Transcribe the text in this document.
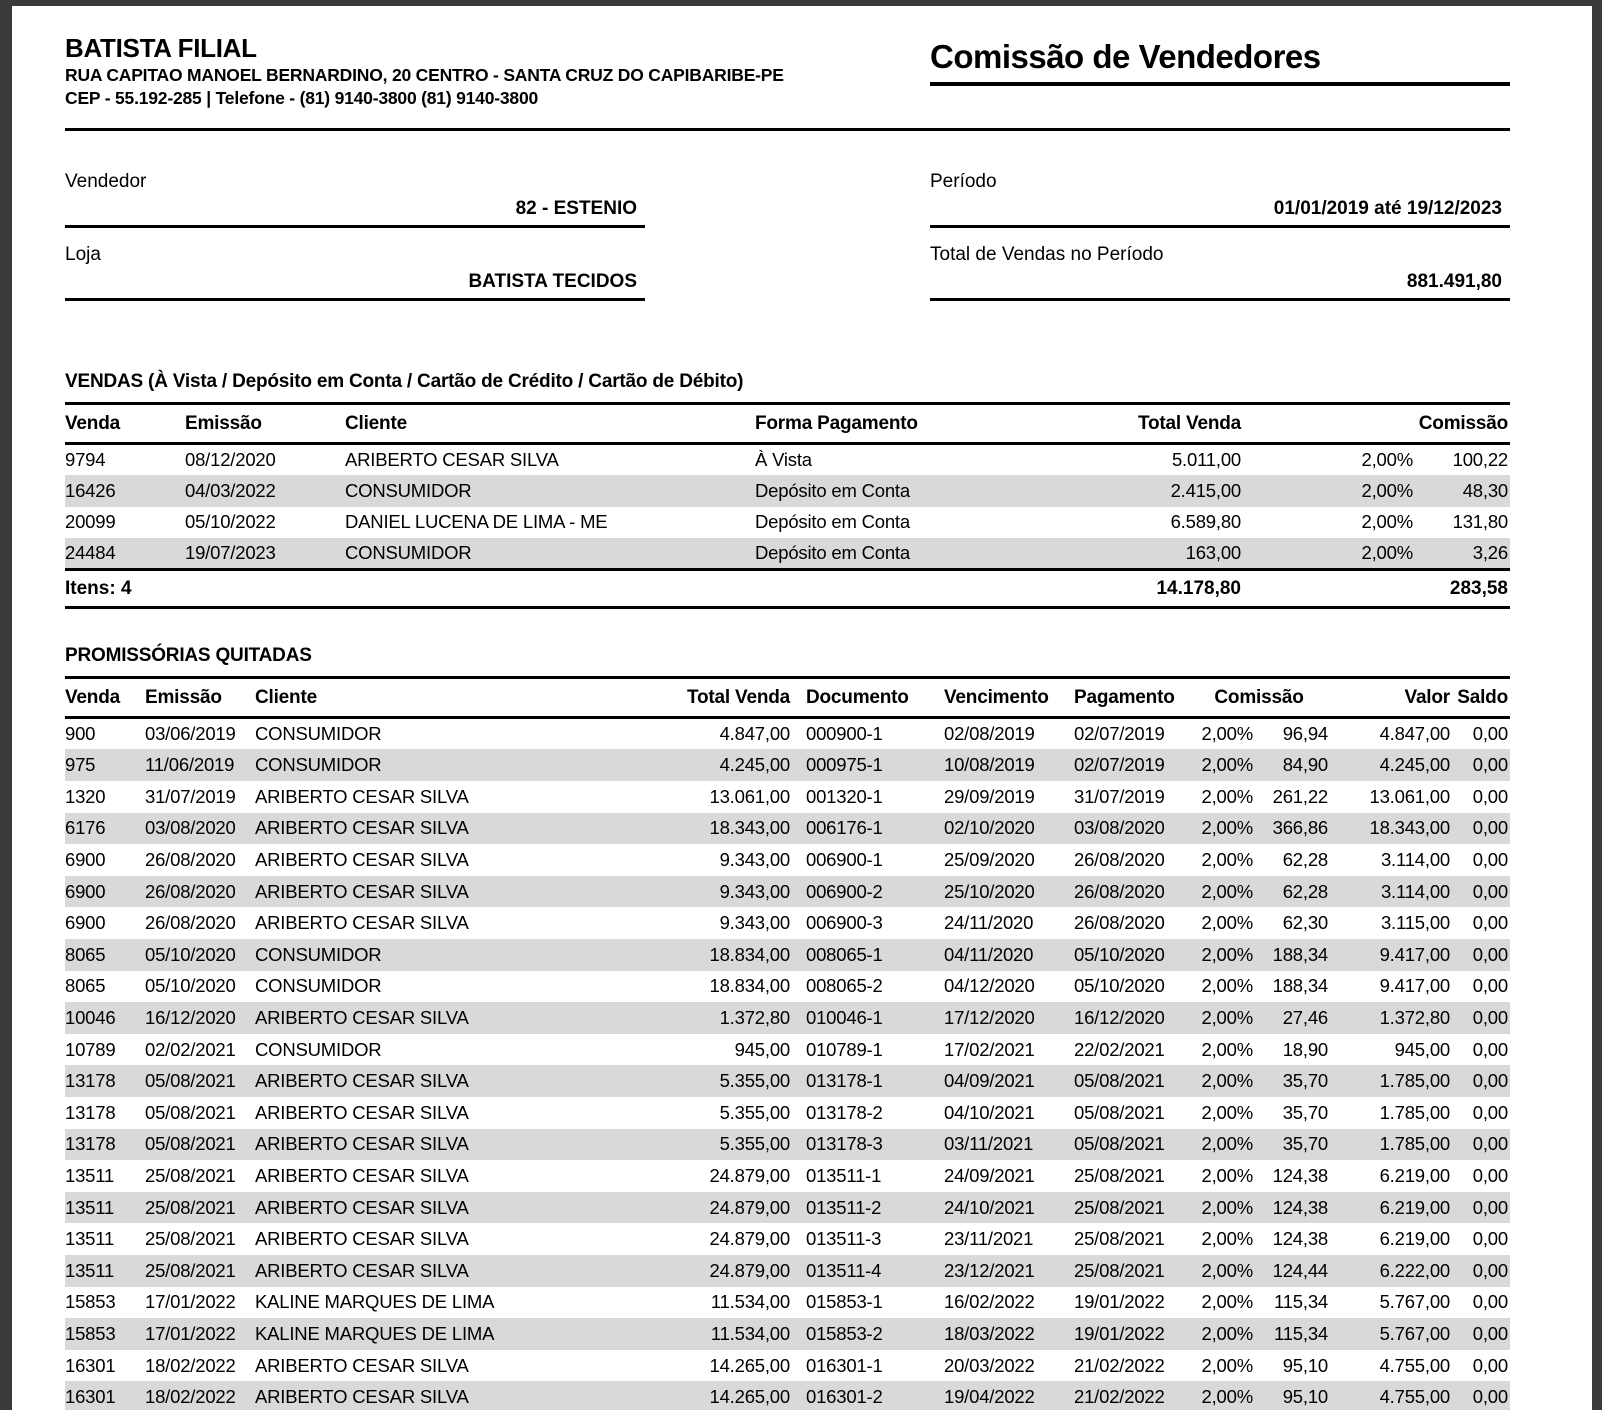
BATISTA FILIAL
RUA CAPITAO MANOEL BERNARDINO, 20 CENTRO - SANTA CRUZ DO CAPIBARIBE-PE
CEP - 55.192-285 | Telefone - (81) 9140-3800 (81) 9140-3800
Comissão de Vendedores
Vendedor
82 - ESTENIO
Loja
BATISTA TECIDOS
Período
01/01/2019 até 19/12/2023
Total de Vendas no Período
881.491,80
VENDAS (À Vista / Depósito em Conta / Cartão de Crédito / Cartão de Débito)
Venda	Emissão	Cliente	Forma Pagamento	Total Venda	Comissão	
9794	08/12/2020	ARIBERTO CESAR SILVA	À Vista	5.011,00	2,00%	100,22
16426	04/03/2022	CONSUMIDOR	Depósito em Conta	2.415,00	2,00%	48,30
20099	05/10/2022	DANIEL LUCENA DE LIMA - ME	Depósito em Conta	6.589,80	2,00%	131,80
24484	19/07/2023	CONSUMIDOR	Depósito em Conta	163,00	2,00%	3,26
Itens: 4				14.178,80	283,58	
PROMISSÓRIAS QUITADAS
Venda	Emissão	Cliente	Total Venda	Documento	Vencimento	Pagamento	Comissão		Valor	Saldo
900	03/06/2019	CONSUMIDOR	4.847,00	000900-1	02/08/2019	02/07/2019	2,00%	96,94	4.847,00	0,00
975	11/06/2019	CONSUMIDOR	4.245,00	000975-1	10/08/2019	02/07/2019	2,00%	84,90	4.245,00	0,00
1320	31/07/2019	ARIBERTO CESAR SILVA	13.061,00	001320-1	29/09/2019	31/07/2019	2,00%	261,22	13.061,00	0,00
6176	03/08/2020	ARIBERTO CESAR SILVA	18.343,00	006176-1	02/10/2020	03/08/2020	2,00%	366,86	18.343,00	0,00
6900	26/08/2020	ARIBERTO CESAR SILVA	9.343,00	006900-1	25/09/2020	26/08/2020	2,00%	62,28	3.114,00	0,00
6900	26/08/2020	ARIBERTO CESAR SILVA	9.343,00	006900-2	25/10/2020	26/08/2020	2,00%	62,28	3.114,00	0,00
6900	26/08/2020	ARIBERTO CESAR SILVA	9.343,00	006900-3	24/11/2020	26/08/2020	2,00%	62,30	3.115,00	0,00
8065	05/10/2020	CONSUMIDOR	18.834,00	008065-1	04/11/2020	05/10/2020	2,00%	188,34	9.417,00	0,00
8065	05/10/2020	CONSUMIDOR	18.834,00	008065-2	04/12/2020	05/10/2020	2,00%	188,34	9.417,00	0,00
10046	16/12/2020	ARIBERTO CESAR SILVA	1.372,80	010046-1	17/12/2020	16/12/2020	2,00%	27,46	1.372,80	0,00
10789	02/02/2021	CONSUMIDOR	945,00	010789-1	17/02/2021	22/02/2021	2,00%	18,90	945,00	0,00
13178	05/08/2021	ARIBERTO CESAR SILVA	5.355,00	013178-1	04/09/2021	05/08/2021	2,00%	35,70	1.785,00	0,00
13178	05/08/2021	ARIBERTO CESAR SILVA	5.355,00	013178-2	04/10/2021	05/08/2021	2,00%	35,70	1.785,00	0,00
13178	05/08/2021	ARIBERTO CESAR SILVA	5.355,00	013178-3	03/11/2021	05/08/2021	2,00%	35,70	1.785,00	0,00
13511	25/08/2021	ARIBERTO CESAR SILVA	24.879,00	013511-1	24/09/2021	25/08/2021	2,00%	124,38	6.219,00	0,00
13511	25/08/2021	ARIBERTO CESAR SILVA	24.879,00	013511-2	24/10/2021	25/08/2021	2,00%	124,38	6.219,00	0,00
13511	25/08/2021	ARIBERTO CESAR SILVA	24.879,00	013511-3	23/11/2021	25/08/2021	2,00%	124,38	6.219,00	0,00
13511	25/08/2021	ARIBERTO CESAR SILVA	24.879,00	013511-4	23/12/2021	25/08/2021	2,00%	124,44	6.222,00	0,00
15853	17/01/2022	KALINE MARQUES DE LIMA	11.534,00	015853-1	16/02/2022	19/01/2022	2,00%	115,34	5.767,00	0,00
15853	17/01/2022	KALINE MARQUES DE LIMA	11.534,00	015853-2	18/03/2022	19/01/2022	2,00%	115,34	5.767,00	0,00
16301	18/02/2022	ARIBERTO CESAR SILVA	14.265,00	016301-1	20/03/2022	21/02/2022	2,00%	95,10	4.755,00	0,00
16301	18/02/2022	ARIBERTO CESAR SILVA	14.265,00	016301-2	19/04/2022	21/02/2022	2,00%	95,10	4.755,00	0,00
